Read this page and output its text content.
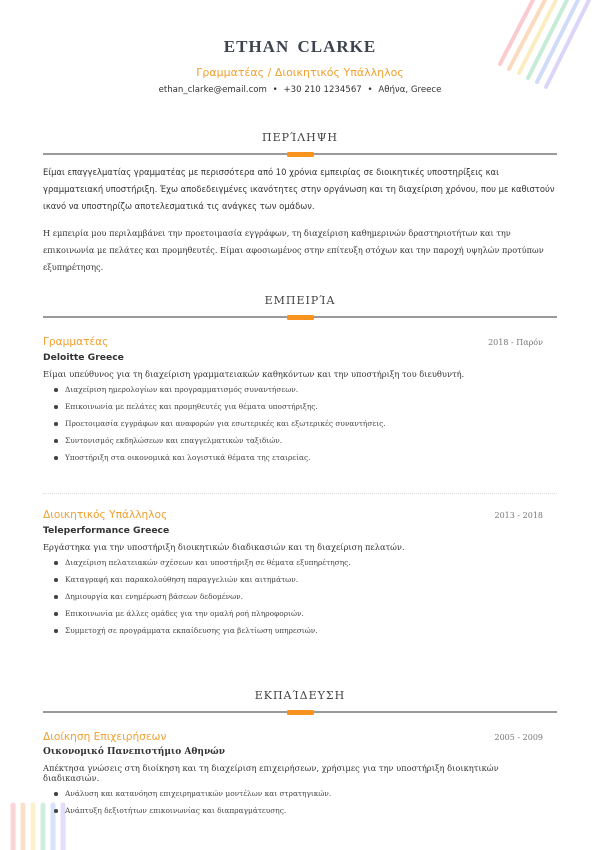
ETHAN CLARKE
Γραμματέας / Διοικητικός Υπάλληλος
ethan_clarke@email.com • +30 210 1234567 • Αθήνα, Greece
ΠΕΡΊΛΗΨΗ
Είμαι επαγγελματίας γραμματέας με περισσότερα από 10 χρόνια εμπειρίας σε διοικητικές υποστηρίξεις και γραμματειακή υποστήριξη. Έχω αποδεδειγμένες ικανότητες στην οργάνωση και τη διαχείριση χρόνου, που με καθιστούν ικανό να υποστηρίζω αποτελεσματικά τις ανάγκες των ομάδων.
Η εμπειρία μου περιλαμβάνει την προετοιμασία εγγράφων, τη διαχείριση καθημερινών δραστηριοτήτων και την επικοινωνία με πελάτες και προμηθευτές. Είμαι αφοσιωμένος στην επίτευξη στόχων και την παροχή υψηλών προτύπων εξυπηρέτησης.
ΕΜΠΕΙΡΊΑ
Γραμματέας	2018 - Παρόν
Deloitte Greece
Είμαι υπεύθυνος για τη διαχείριση γραμματειακών καθηκόντων και την υποστήριξη του διευθυντή.
Διαχείριση ημερολογίων και προγραμματισμός συναντήσεων.
Επικοινωνία με πελάτες και προμηθευτές για θέματα υποστήριξης.
Προετοιμασία εγγράφων και αναφορών για εσωτερικές και εξωτερικές συναντήσεις.
Συντονισμός εκδηλώσεων και επαγγελματικών ταξιδιών.
Υποστήριξη στα οικονομικά και λογιστικά θέματα της εταιρείας.
Διοικητικός Υπάλληλος	2013 - 2018
Teleperformance Greece
Εργάστηκα για την υποστήριξη διοικητικών διαδικασιών και τη διαχείριση πελατών.
Διαχείριση πελατειακών σχέσεων και υποστήριξη σε θέματα εξυπηρέτησης.
Καταγραφή και παρακολούθηση παραγγελιών και αιτημάτων.
Δημιουργία και ενημέρωση βάσεων δεδομένων.
Επικοινωνία με άλλες ομάδες για την ομαλή ροή πληροφοριών.
Συμμετοχή σε προγράμματα εκπαίδευσης για βελτίωση υπηρεσιών.
ΕΚΠΑΊΔΕΥΣΗ
Διοίκηση Επιχειρήσεων	2005 - 2009
Οικονομικό Πανεπιστήμιο Αθηνών
Απέκτησα γνώσεις στη διοίκηση και τη διαχείριση επιχειρήσεων, χρήσιμες για την υποστήριξη διοικητικών διαδικασιών.
Ανάλυση και κατανόηση επιχειρηματικών μοντέλων και στρατηγικών.
Ανάπτυξη δεξιοτήτων επικοινωνίας και διαπραγμάτευσης.
